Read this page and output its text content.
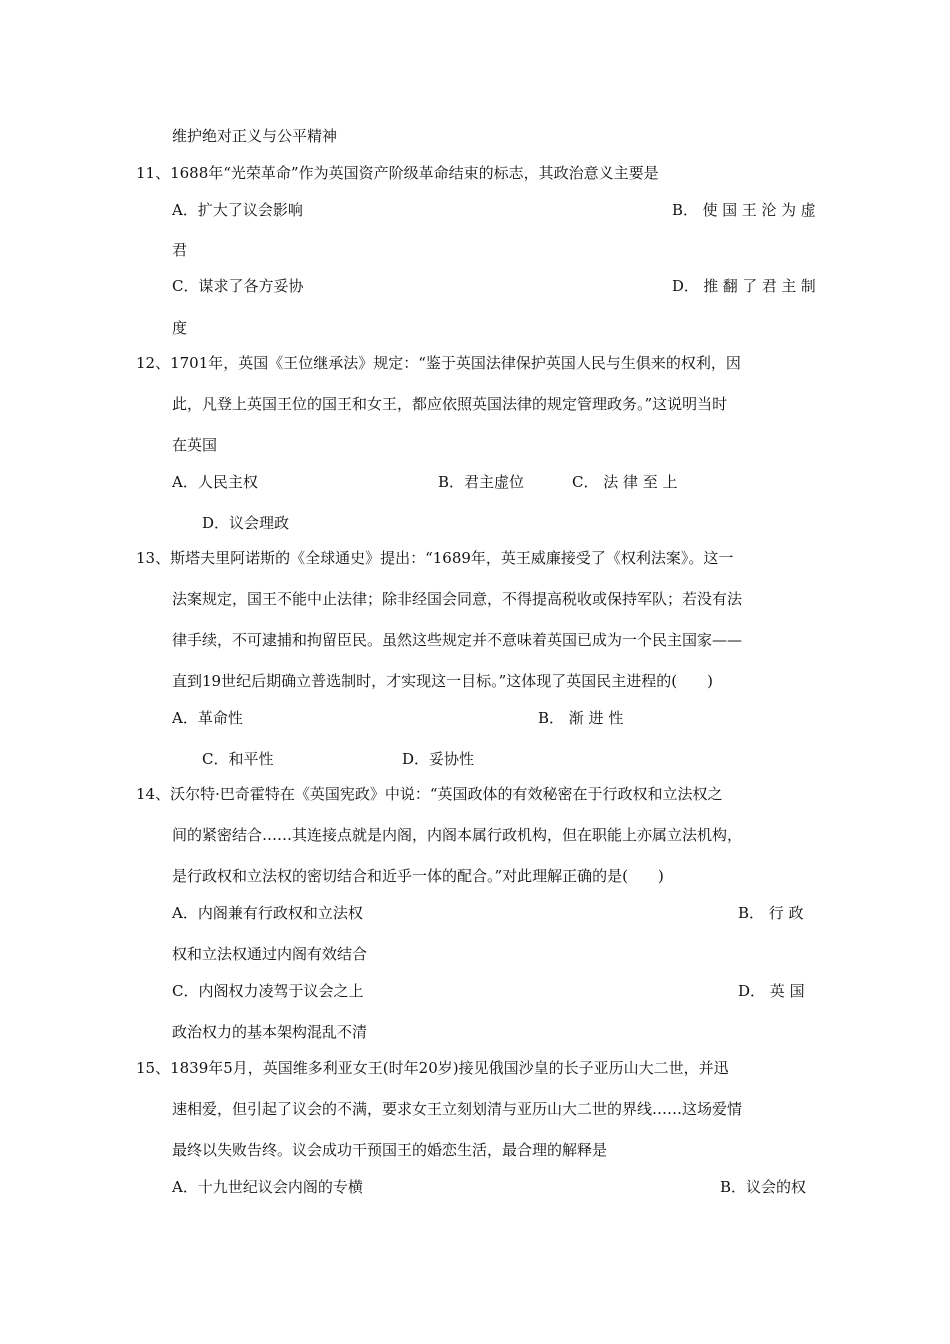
维护绝对正义与公平精神
11、1688年“光荣革命”作为英国资产阶级革命结束的标志，其政治意义主要是
A．扩大了议会影响	B． 使 国 王 沦 为 虚
君
C．谋求了各方妥协	D． 推 翻 了 君 主 制
度
12、1701年，英国《王位继承法》规定：“鉴于英国法律保护英国人民与生俱来的权利，因
此，凡登上英国王位的国王和女王，都应依照英国法律的规定管理政务。”这说明当时
在英国
A．人民主权	B．君主虚位	C． 法 律 至 上
D．议会理政
13、斯塔夫里阿诺斯的《全球通史》提出：“1689年，英王威廉接受了《权利法案》。这一
法案规定，国王不能中止法律；除非经国会同意，不得提高税收或保持军队；若没有法
律手续，不可逮捕和拘留臣民。虽然这些规定并不意味着英国已成为一个民主国家——
直到19世纪后期确立普选制时，才实现这一目标。”这体现了英国民主进程的(　　)
A．革命性	B． 渐 进 性
C．和平性	D．妥协性
14、沃尔特·巴奇霍特在《英国宪政》中说：“英国政体的有效秘密在于行政权和立法权之
间的紧密结合……其连接点就是内阁，内阁本属行政机构，但在职能上亦属立法机构，
是行政权和立法权的密切结合和近乎一体的配合。”对此理解正确的是(　　)
A．内阁兼有行政权和立法权	B． 行 政
权和立法权通过内阁有效结合
C．内阁权力凌驾于议会之上	D． 英 国
政治权力的基本架构混乱不清
15、1839年5月，英国维多利亚女王(时年20岁)接见俄国沙皇的长子亚历山大二世，并迅
速相爱，但引起了议会的不满，要求女王立刻划清与亚历山大二世的界线……这场爱情
最终以失败告终。议会成功干预国王的婚恋生活，最合理的解释是
A．十九世纪议会内阁的专横	B．议会的权
